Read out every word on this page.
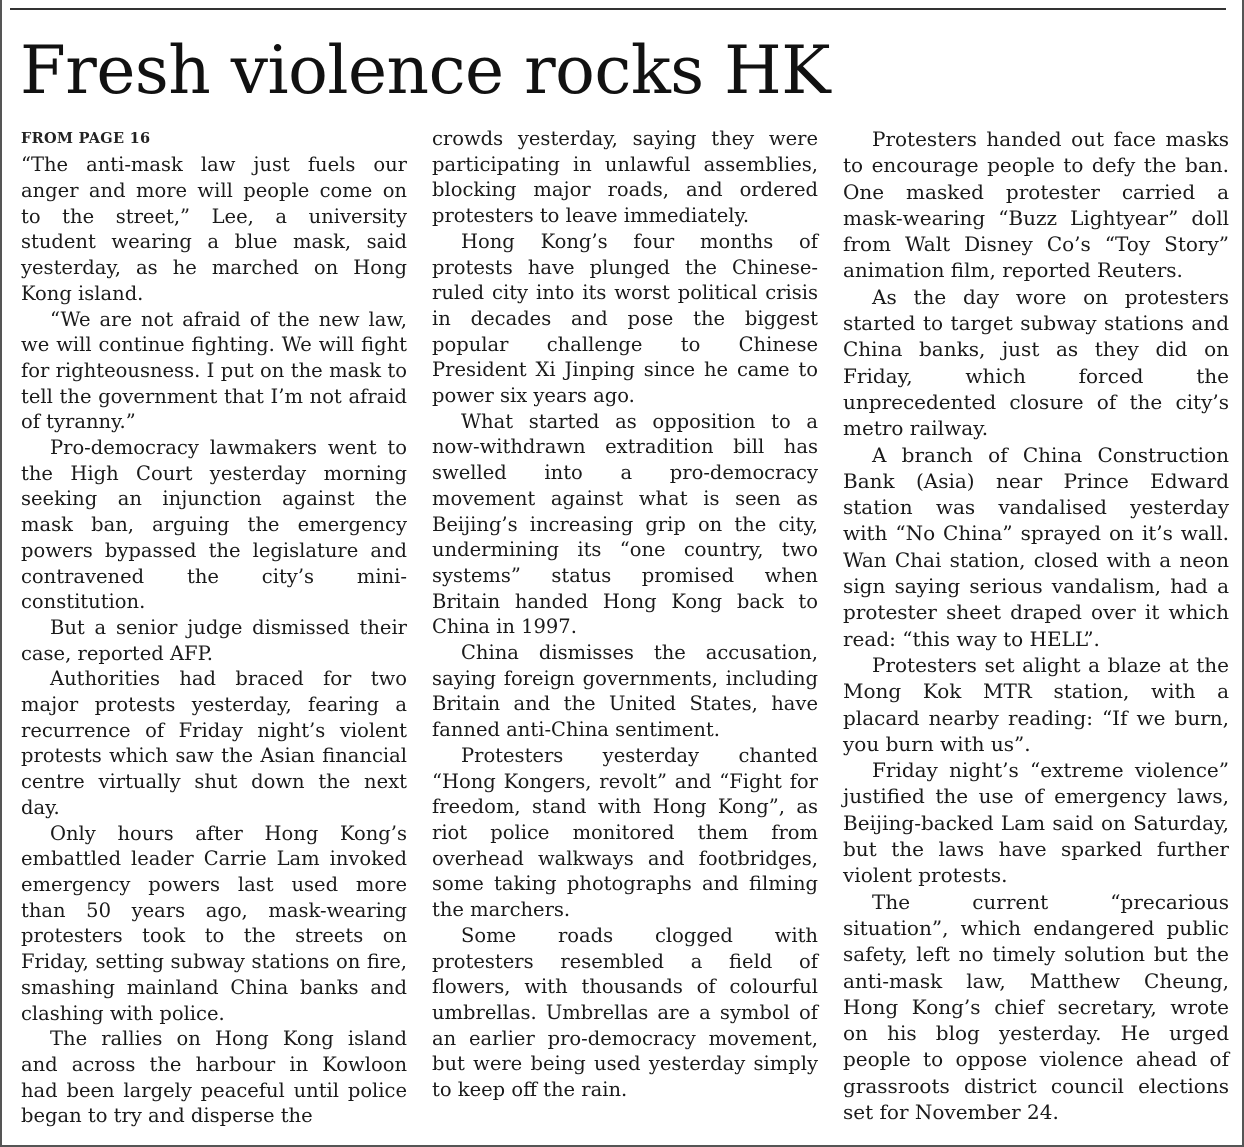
Fresh violence rocks HK
FROM PAGE 16

“The anti-mask law just fuels our anger and more will people come on to the street,” Lee, a university student wearing a blue mask, said yesterday, as he marched on Hong Kong island.

“We are not afraid of the new law, we will continue fighting. We will fight for righteousness. I put on the mask to tell the government that I’m not afraid of tyranny.”

Pro-democracy lawmakers went to the High Court yesterday morning seeking an injunction against the mask ban, arguing the emergency powers bypassed the legislature and contravened the city’s mini-constitution.

But a senior judge dismissed their case, reported AFP.

Authorities had braced for two major protests yesterday, fearing a recurrence of Friday night’s violent protests which saw the Asian financial centre virtually shut down the next day.

Only hours after Hong Kong’s embattled leader Carrie Lam invoked emergency powers last used more than 50 years ago, mask-wearing protesters took to the streets on Friday, setting subway stations on fire, smashing mainland China banks and clashing with police.

The rallies on Hong Kong island and across the harbour in Kowloon had been largely peaceful until police began to try and disperse the

crowds yesterday, saying they were participating in unlawful assemblies, blocking major roads, and ordered protesters to leave immediately.

Hong Kong’s four months of protests have plunged the Chinese-ruled city into its worst political crisis in decades and pose the biggest popular challenge to Chinese President Xi Jinping since he came to power six years ago.

What started as opposition to a now-withdrawn extradition bill has swelled into a pro-democracy movement against what is seen as Beijing’s increasing grip on the city, undermining its “one country, two systems” status promised when Britain handed Hong Kong back to China in 1997.

China dismisses the accusation, saying foreign governments, including Britain and the United States, have fanned anti-China sentiment.

Protesters yesterday chanted “Hong Kongers, revolt” and “Fight for freedom, stand with Hong Kong”, as riot police monitored them from overhead walkways and footbridges, some taking photographs and filming the marchers.

Some roads clogged with protesters resembled a field of flowers, with thousands of colourful umbrellas. Umbrellas are a symbol of an earlier pro-democracy movement, but were being used yesterday simply to keep off the rain.

Protesters handed out face masks to encourage people to defy the ban. One masked protester carried a mask-wearing “Buzz Lightyear” doll from Walt Disney Co’s “Toy Story” animation film, reported Reuters.

As the day wore on protesters started to target subway stations and China banks, just as they did on Friday, which forced the unprecedented closure of the city’s metro railway.

A branch of China Construction Bank (Asia) near Prince Edward station was vandalised yesterday with “No China” sprayed on it’s wall. Wan Chai station, closed with a neon sign saying serious vandalism, had a protester sheet draped over it which read: “this way to HELL”.

Protesters set alight a blaze at the Mong Kok MTR station, with a placard nearby reading: “If we burn, you burn with us”.

Friday night’s “extreme violence” justified the use of emergency laws, Beijing-backed Lam said on Saturday, but the laws have sparked further violent protests.

The current “precarious situation”, which endangered public safety, left no timely solution but the anti-mask law, Matthew Cheung, Hong Kong’s chief secretary, wrote on his blog yesterday. He urged people to oppose violence ahead of grassroots district council elections set for November 24.
